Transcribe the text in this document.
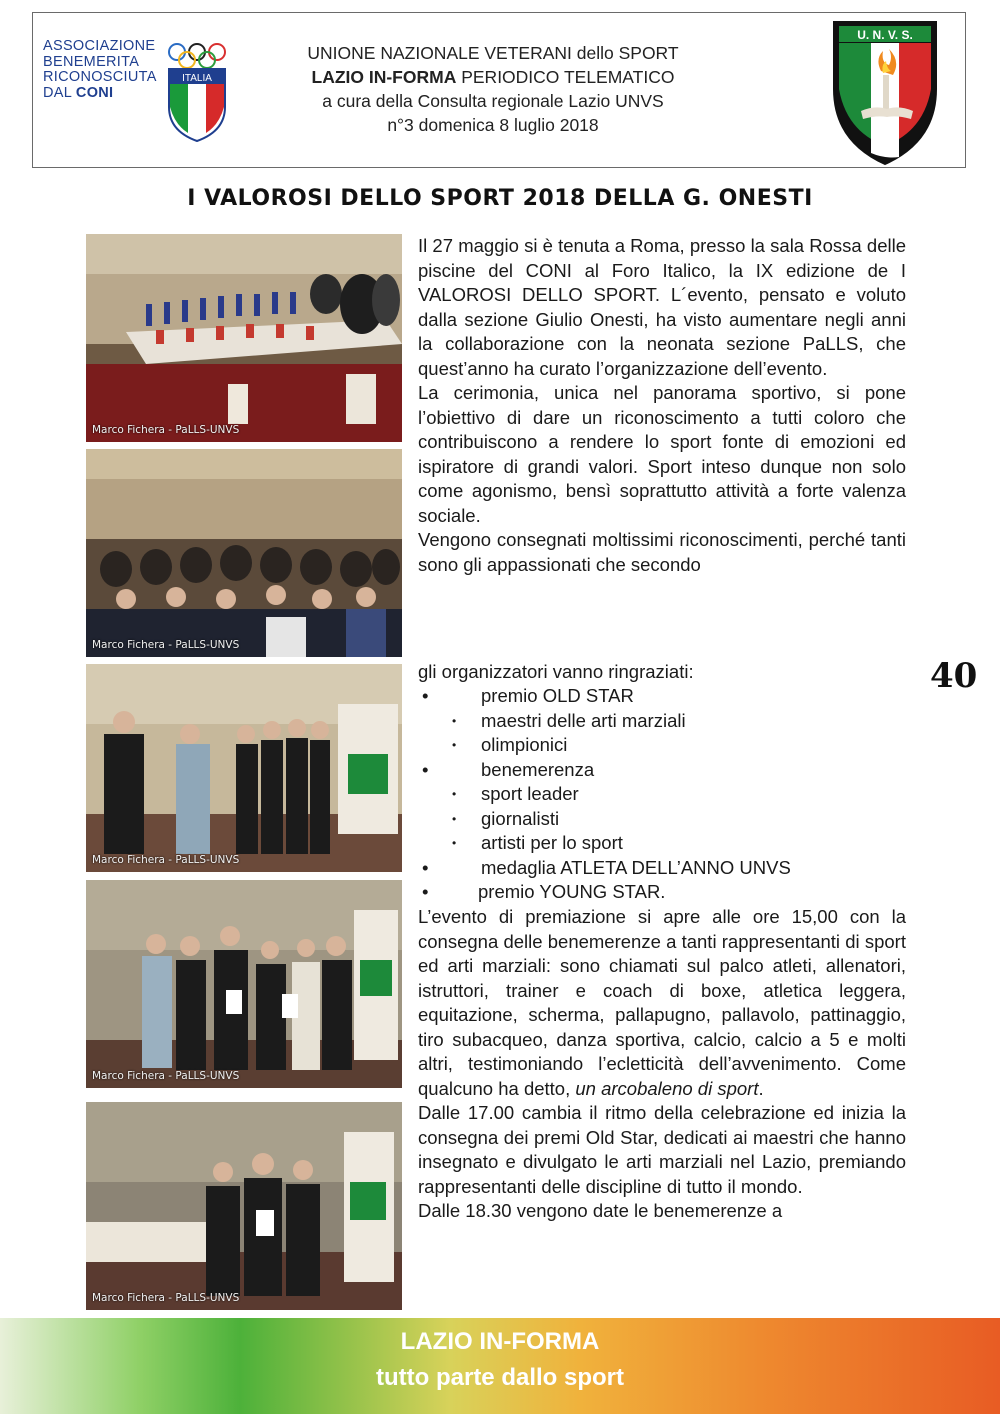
ASSOCIAZIONE
BENEMERITA
RICONOSCIUTA
DAL CONI
ITALIA
UNIONE NAZIONALE VETERANI dello SPORT
LAZIO IN-FORMA PERIODICO TELEMATICO
a cura della Consulta regionale Lazio UNVS
n°3 domenica 8 luglio 2018
U. N. V. S.
I VALOROSI DELLO SPORT 2018 DELLA G. ONESTI
Marco Fichera - PaLLS-UNVS
Marco Fichera - PaLLS-UNVS
Marco Fichera - PaLLS-UNVS
Marco Fichera - PaLLS-UNVS
Marco Fichera - PaLLS-UNVS

Il 27 maggio si è tenuta a Roma, presso la sala Rossa delle piscine del CONI al Foro Italico, la IX edizione de I VALOROSI DELLO SPORT. L´evento, pensato e voluto dalla sezione Giulio Onesti, ha visto aumentare negli anni la collaborazione con la neonata sezione PaLLS, che quest’anno ha curato l’organizzazione dell’evento.

La cerimonia, unica nel panorama sportivo, si pone l’obiettivo di dare un riconoscimento a tutti coloro che contribuiscono a rendere lo sport fonte di emozioni ed ispiratore di grandi valori. Sport inteso dunque non solo come agonismo, bensì soprattutto attività a forte valenza sociale.

Vengono consegnati moltissimi riconoscimenti, perché tanti sono gli appassionati che secondo

gli organizzatori vanno ringraziati:

•	premio OLD STAR
• maestri delle arti marziali
• olimpionici
•	benemerenza
• sport leader
• giornalisti
• artisti per lo sport
•	medaglia ATLETA DELL’ANNO UNVS
•	premio YOUNG STAR.

L’evento di premiazione si apre alle ore 15,00 con la consegna delle benemerenze a tanti rappresentanti di sport ed arti marziali: sono chiamati sul palco atleti, allenatori, istruttori, trainer e coach di boxe, atletica leggera, equitazione, scherma, pallapugno, pallavolo, pattinaggio, tiro subacqueo, danza sportiva, calcio, calcio a 5 e molti altri, testimoniando l’ecletticità dell’avvenimento. Come qualcuno ha detto, un arcobaleno di sport.

Dalle 17.00 cambia il ritmo della celebrazione ed inizia la consegna dei premi Old Star, dedicati ai maestri che hanno insegnato e divulgato le arti marziali nel Lazio, premiando rappresentanti delle discipline di tutto il mondo.

Dalle 18.30 vengono date le benemerenze a

40
LAZIO IN-FORMA
tutto parte dallo sport
